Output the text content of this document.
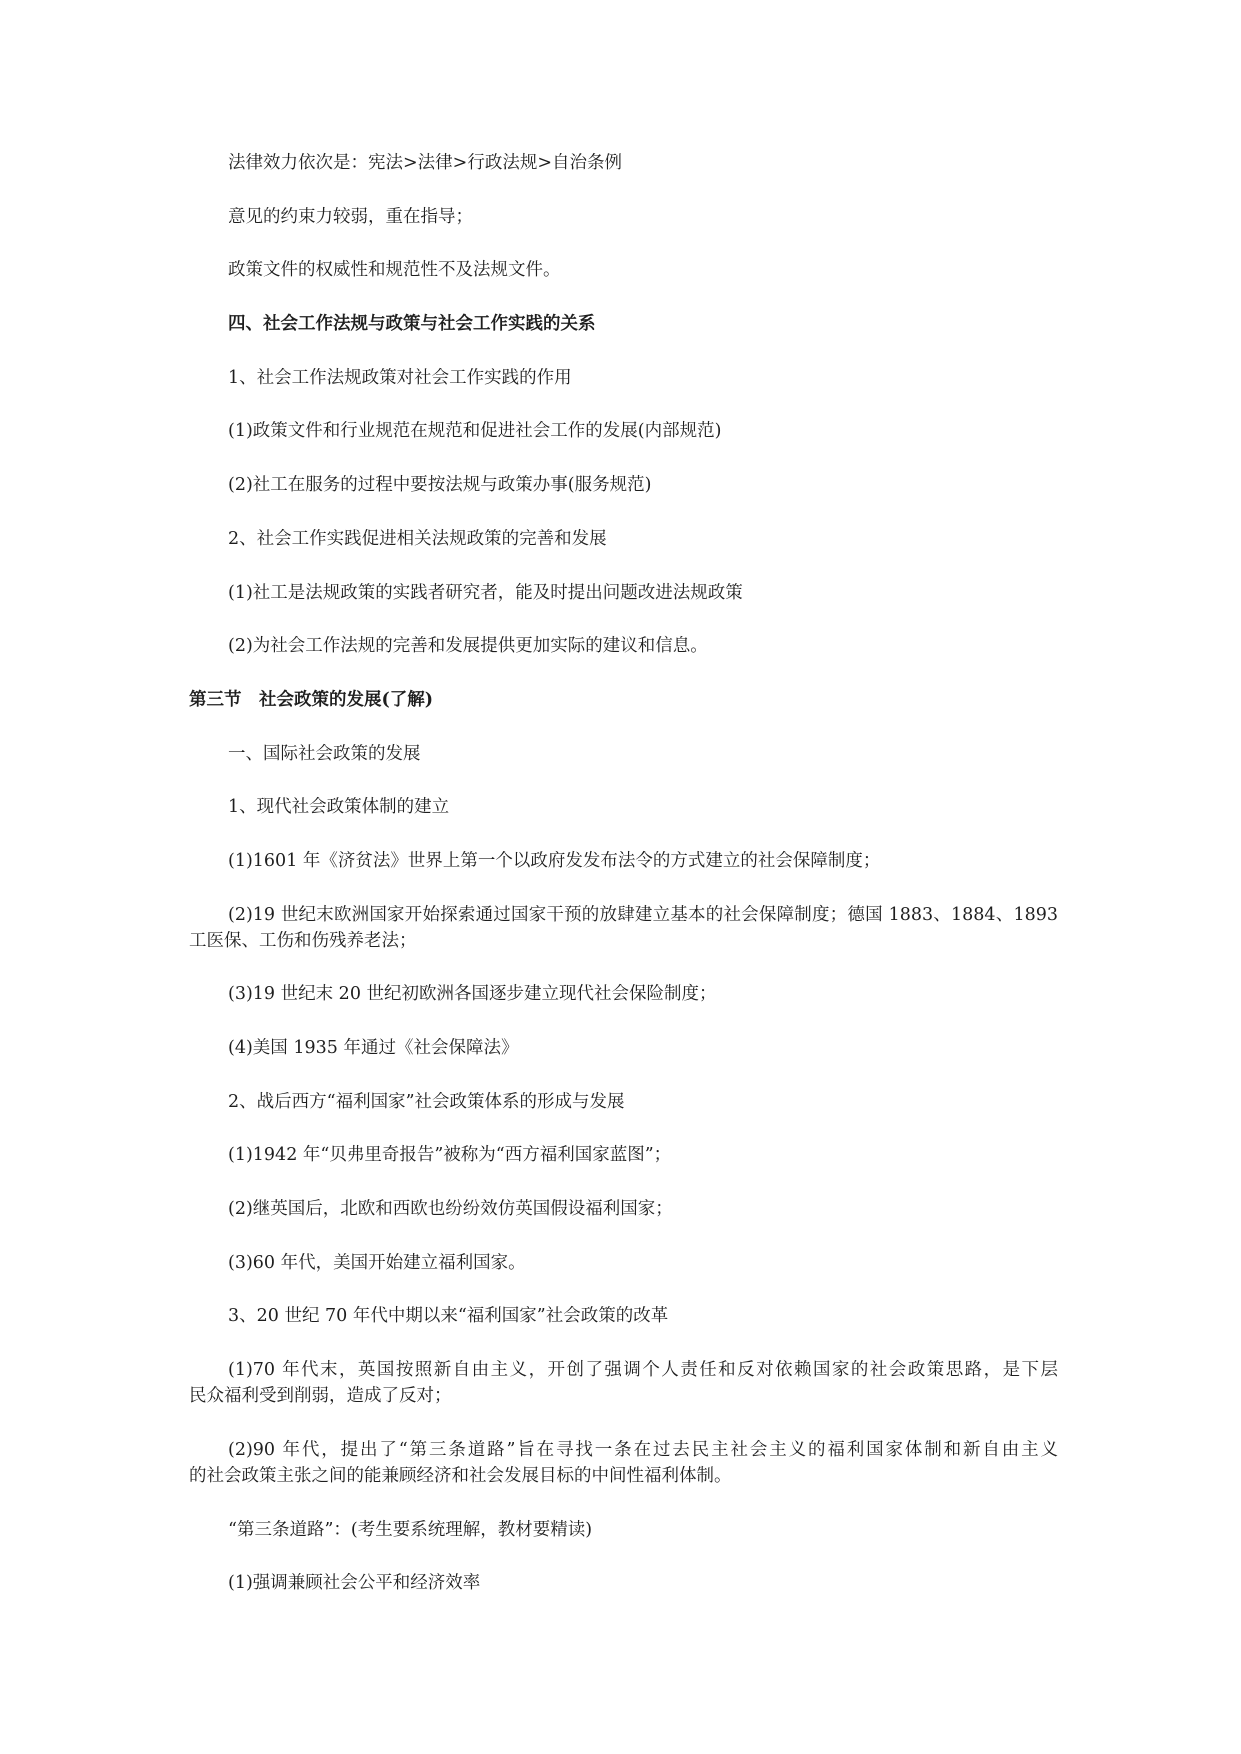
法律效力依次是：宪法>法律>行政法规>自治条例
意见的约束力较弱，重在指导；
政策文件的权威性和规范性不及法规文件。
四、社会工作法规与政策与社会工作实践的关系
1、社会工作法规政策对社会工作实践的作用
(1)政策文件和行业规范在规范和促进社会工作的发展(内部规范)
(2)社工在服务的过程中要按法规与政策办事(服务规范)
2、社会工作实践促进相关法规政策的完善和发展
(1)社工是法规政策的实践者研究者，能及时提出问题改进法规政策
(2)为社会工作法规的完善和发展提供更加实际的建议和信息。
第三节　社会政策的发展(了解)
一、国际社会政策的发展
1、现代社会政策体制的建立
(1)1601 年《济贫法》世界上第一个以政府发发布法令的方式建立的社会保障制度；
(2)19 世纪末欧洲国家开始探索通过国家干预的放肆建立基本的社会保障制度；德国 1883、1884、1893
工医保、工伤和伤残养老法；
(3)19 世纪末 20 世纪初欧洲各国逐步建立现代社会保险制度；
(4)美国 1935 年通过《社会保障法》
2、战后西方“福利国家”社会政策体系的形成与发展
(1)1942 年“贝弗里奇报告”被称为“西方福利国家蓝图”；
(2)继英国后，北欧和西欧也纷纷效仿英国假设福利国家；
(3)60 年代，美国开始建立福利国家。
3、20 世纪 70 年代中期以来“福利国家”社会政策的改革
(1)70 年代末，英国按照新自由主义，开创了强调个人责任和反对依赖国家的社会政策思路，是下层
民众福利受到削弱，造成了反对；
(2)90 年代，提出了“第三条道路”旨在寻找一条在过去民主社会主义的福利国家体制和新自由主义
的社会政策主张之间的能兼顾经济和社会发展目标的中间性福利体制。
“第三条道路”：(考生要系统理解，教材要精读)
(1)强调兼顾社会公平和经济效率
